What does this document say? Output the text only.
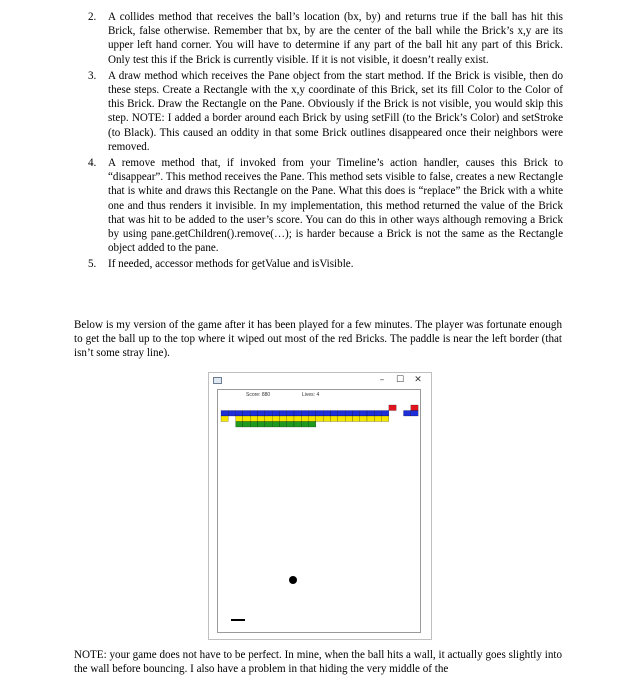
2. A collides method that receives the ball’s location (bx, by) and returns true if the ball has hit this Brick, false otherwise. Remember that bx, by are the center of the ball while the Brick’s x,y are its upper left hand corner. You will have to determine if any part of the ball hit any part of this Brick. Only test this if the Brick is currently visible. If it is not visible, it doesn’t really exist.
3. A draw method which receives the Pane object from the start method. If the Brick is visible, then do these steps. Create a Rectangle with the x,y coordinate of this Brick, set its fill Color to the Color of this Brick. Draw the Rectangle on the Pane. Obviously if the Brick is not visible, you would skip this step. NOTE: I added a border around each Brick by using setFill (to the Brick’s Color) and setStroke (to Black). This caused an oddity in that some Brick outlines disappeared once their neighbors were removed.
4. A remove method that, if invoked from your Timeline’s action handler, causes this Brick to “disappear”. This method receives the Pane. This method sets visible to false, creates a new Rectangle that is white and draws this Rectangle on the Pane. What this does is “replace” the Brick with a white one and thus renders it invisible. In my implementation, this method returned the value of the Brick that was hit to be added to the user’s score. You can do this in other ways although removing a Brick by using pane.getChildren().remove(…); is harder because a Brick is not the same as the Rectangle object added to the pane.
5. If needed, accessor methods for getValue and isVisible.

Below is my version of the game after it has been played for a few minutes. The player was fortunate enough to get the ball up to the top where it wiped out most of the red Bricks. The paddle is near the left border (that isn’t some stray line).

–	☐	✕
Score: 880	Lives: 4

NOTE: your game does not have to be perfect. In mine, when the ball hits a wall, it actually goes slightly into the wall before bouncing. I also have a problem in that hiding the very middle of the
